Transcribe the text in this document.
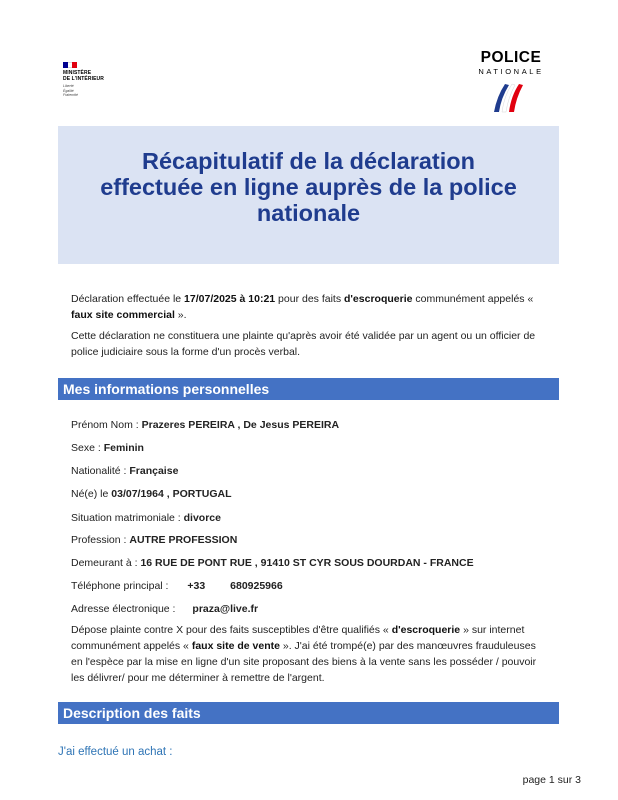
MINISTÈRE
DE L'INTÉRIEUR
Liberté
Égalité
Fraternité
POLICE
NATIONALE
Récapitulatif de la déclaration
effectuée en ligne auprès de la police
nationale
Déclaration effectuée le 17/07/2025 à 10:21 pour des faits d'escroquerie communément appelés « faux site commercial ».
Cette déclaration ne constituera une plainte qu'après avoir été validée par un agent ou un officier de police judiciaire sous la forme d'un procès verbal.
Mes informations personnelles
Prénom Nom : Prazeres PEREIRA , De Jesus PEREIRA
Sexe : Feminin
Nationalité : Française
Né(e) le 03/07/1964 , PORTUGAL
Situation matrimoniale : divorce
Profession : AUTRE PROFESSION
Demeurant à : 16 RUE DE PONT RUE , 91410 ST CYR SOUS DOURDAN - FRANCE
Téléphone principal : +33 680925966
Adresse électronique : praza@live.fr
Dépose plainte contre X pour des faits susceptibles d'être qualifiés « d'escroquerie » sur internet communément appelés « faux site de vente ». J'ai été trompé(e) par des manœuvres frauduleuses en l'espèce par la mise en ligne d'un site proposant des biens à la vente sans les posséder / pouvoir les délivrer/ pour me déterminer à remettre de l'argent.
Description des faits
J'ai effectué un achat :
page 1 sur 3
